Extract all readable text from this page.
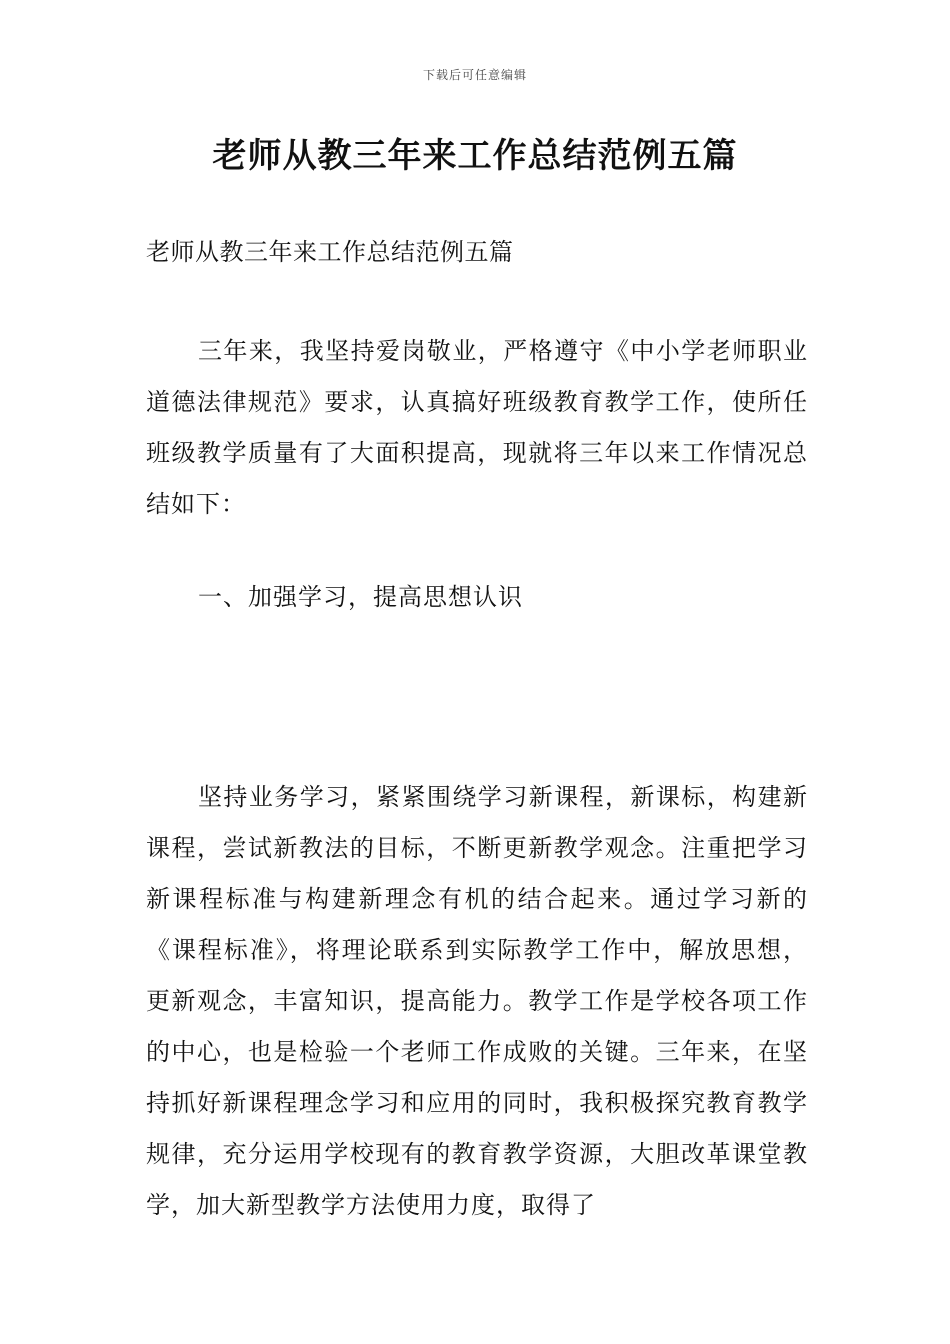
下载后可任意编辑
老师从教三年来工作总结范例五篇

老师从教三年来工作总结范例五篇

三年来，我坚持爱岗敬业，严格遵守《中小学老师职业道德法律规范》要求，认真搞好班级教育教学工作，使所任班级教学质量有了大面积提高，现就将三年以来工作情况总结如下：

一、加强学习，提高思想认识

坚持业务学习，紧紧围绕学习新课程，新课标，构建新课程，尝试新教法的目标，不断更新教学观念。注重把学习新课程标准与构建新理念有机的结合起来。通过学习新的《课程标准》，将理论联系到实际教学工作中，解放思想，更新观念，丰富知识，提高能力。教学工作是学校各项工作的中心，也是检验一个老师工作成败的关键。三年来，在坚持抓好新课程理念学习和应用的同时，我积极探究教育教学规律，充分运用学校现有的教育教学资源，大胆改革课堂教学，加大新型教学方法使用力度，取得了
